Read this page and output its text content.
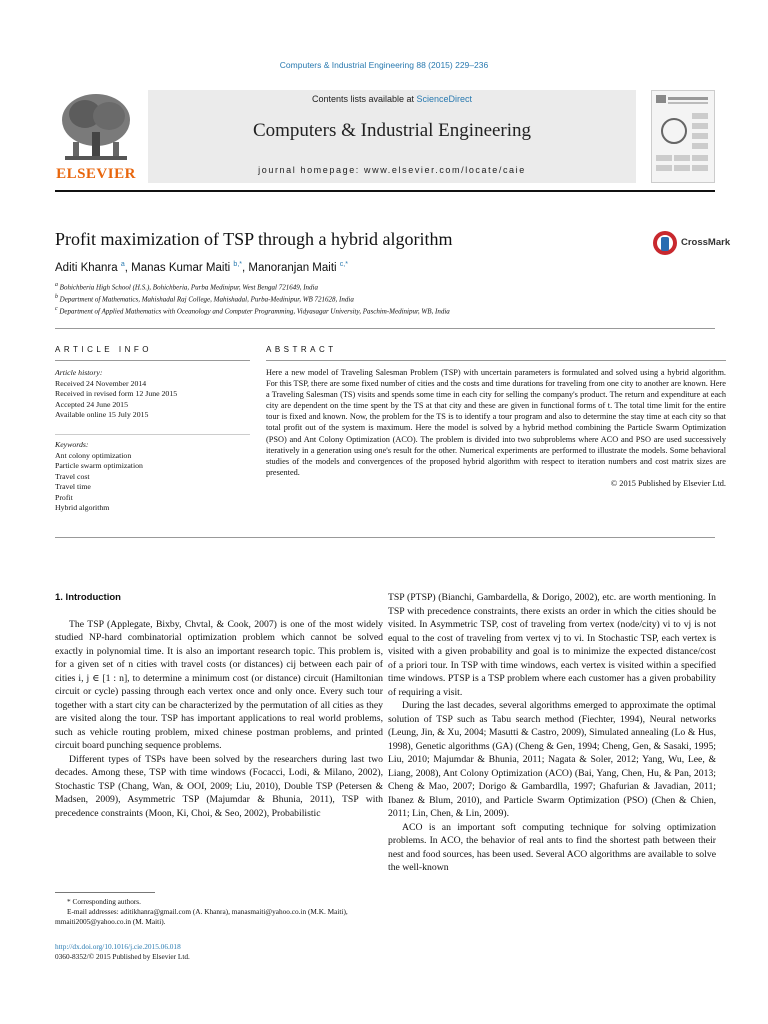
Computers & Industrial Engineering 88 (2015) 229–236
ELSEVIER
Contents lists available at ScienceDirect
Computers & Industrial Engineering
journal homepage: www.elsevier.com/locate/caie
Profit maximization of TSP through a hybrid algorithm	CrossMark
Aditi Khanra $^a$, Manas Kumar Maiti $^{b,*}$, Manoranjan Maiti $^{c,*}$
$^a$ Bohichberia High School (H.S.), Bohichberia, Purba Medinipur, West Bengal 721649, India
$^b$ Department of Mathematics, Mahishadal Raj College, Mahishadal, Purba-Medinipur, WB 721628, India
$^c$ Department of Applied Mathematics with Oceanology and Computer Programming, Vidyasagar University, Paschim-Medinipur, WB, India
ARTICLE INFO	ABSTRACT
Article history:
Received 24 November 2014
Received in revised form 12 June 2015
Accepted 24 June 2015
Available online 15 July 2015
Keywords:
Ant colony optimization
Particle swarm optimization
Travel cost
Travel time
Profit
Hybrid algorithm
Here a new model of Traveling Salesman Problem (TSP) with uncertain parameters is formulated and solved using a hybrid algorithm. For this TSP, there are some fixed number of cities and the costs and time durations for traveling from one city to another are known. Here a Traveling Salesman (TS) visits and spends some time in each city for selling the company's product. The return and expenditure at each city are dependent on the time spent by the TS at that city and these are given in functional forms of t. The total time limit for the entire tour is fixed and known. Now, the problem for the TS is to identify a tour program and also to determine the stay time at each city so that total profit out of the system is maximum. Here the model is solved by a hybrid method combining the Particle Swarm Optimization (PSO) and Ant Colony Optimization (ACO). The problem is divided into two subproblems where ACO and PSO are used successively iteratively in a generation using one's result for the other. Numerical experiments are performed to illustrate the models. Some behavioral studies of the models and convergences of the proposed hybrid algorithm with respect to iteration numbers and cost matrix sizes are presented.
© 2015 Published by Elsevier Ltd.
1. Introduction

The TSP (Applegate, Bixby, Chvtal, & Cook, 2007) is one of the most widely studied NP-hard combinatorial optimization problem which cannot be solved exactly in polynomial time. It is also an important research topic. This problem is, for a given set of n cities with travel costs (or distances) cij between each pair of cities i, j ∈ [1 : n], to determine a minimum cost (or distance) circuit (Hamiltonian circuit or cycle) passing through each vertex once and only once. Every such tour together with a start city can be characterized by the permutation of all cities as they are visited along the tour. TSP has important applications to real world problems, such as vehicle routing problem, mixed chinese postman problems, and printed circuit board punching sequence problems.

Different types of TSPs have been solved by the researchers during last two decades. Among these, TSP with time windows (Focacci, Lodi, & Milano, 2002), Stochastic TSP (Chang, Wan, & OOI, 2009; Liu, 2010), Double TSP (Petersen & Madsen, 2009), Asymmetric TSP (Majumdar & Bhunia, 2011), TSP with precedence constraints (Moon, Ki, Choi, & Seo, 2002), Probabilistic

TSP (PTSP) (Bianchi, Gambardella, & Dorigo, 2002), etc. are worth mentioning. In TSP with precedence constraints, there exists an order in which the cities should be visited. In Asymmetric TSP, cost of traveling from vertex (node/city) vi to vj is not equal to the cost of traveling from vertex vj to vi. In Stochastic TSP, each vertex is visited with a given probability and goal is to minimize the expected distance/cost of a priori tour. In TSP with time windows, each vertex is visited within a specified time windows. PTSP is a TSP problem where each customer has a given probability of requiring a visit.

During the last decades, several algorithms emerged to approximate the optimal solution of TSP such as Tabu search method (Fiechter, 1994), Neural networks (Leung, Jin, & Xu, 2004; Masutti & Castro, 2009), Simulated annealing (Lo & Hus, 1998), Genetic algorithms (GA) (Cheng & Gen, 1994; Cheng, Gen, & Sasaki, 1995; Liu, 2010; Majumdar & Bhunia, 2011; Nagata & Soler, 2012; Yang, Wu, Lee, & Liang, 2008), Ant Colony Optimization (ACO) (Bai, Yang, Chen, Hu, & Pan, 2013; Cheng & Mao, 2007; Dorigo & Gambardlla, 1997; Ghafurian & Javadian, 2011; Ibanez & Blum, 2010), and Particle Swarm Optimization (PSO) (Chen & Chien, 2011; Lin, Chen, & Lin, 2009).

ACO is an important soft computing technique for solving optimization problems. In ACO, the behavior of real ants to find the shortest path between their nest and food sources, has been used. Several ACO algorithms are available to solve the well-known

* Corresponding authors.
E-mail addresses: aditikhanra@gmail.com (A. Khanra), manasmaiti@yahoo.co.in (M.K. Maiti), mmaiti2005@yahoo.co.in (M. Maiti).
http://dx.doi.org/10.1016/j.cie.2015.06.018
0360-8352/© 2015 Published by Elsevier Ltd.
